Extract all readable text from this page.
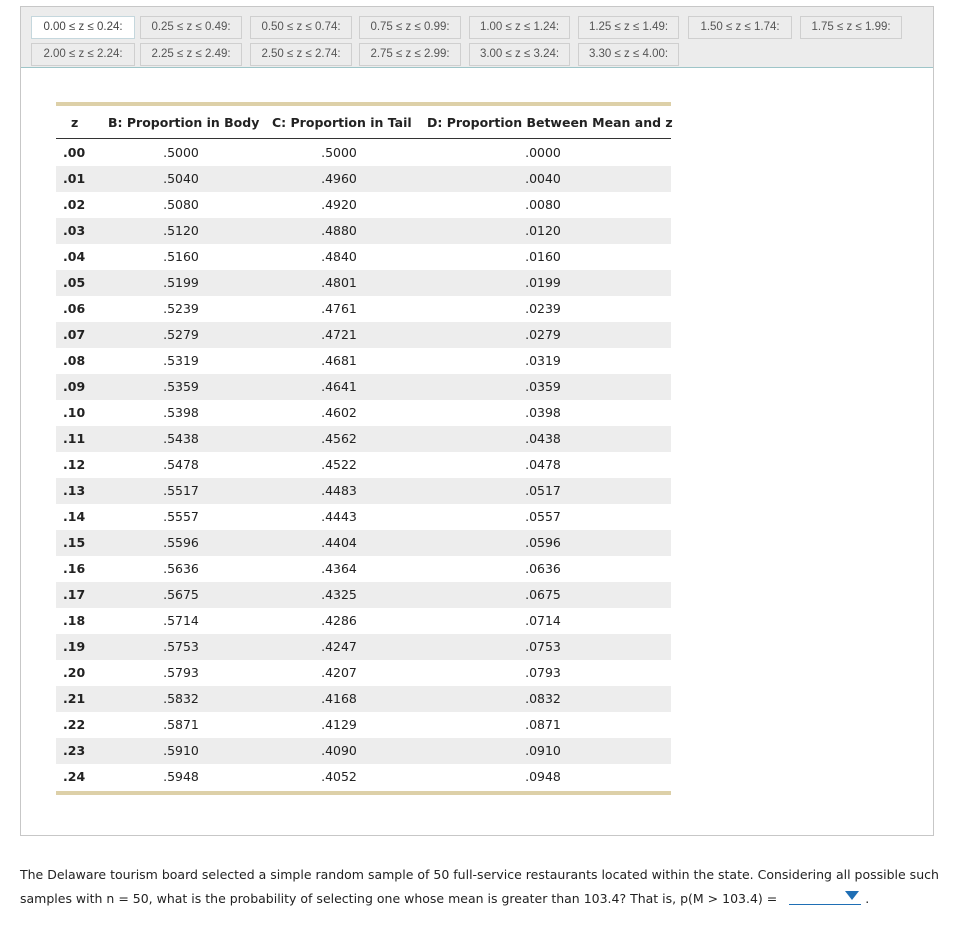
0.00 ≤ z ≤ 0.24:	0.25 ≤ z ≤ 0.49:	0.50 ≤ z ≤ 0.74:	0.75 ≤ z ≤ 0.99:	1.00 ≤ z ≤ 1.24:	1.25 ≤ z ≤ 1.49:	1.50 ≤ z ≤ 1.74:	1.75 ≤ z ≤ 1.99:
2.00 ≤ z ≤ 2.24:	2.25 ≤ z ≤ 2.49:	2.50 ≤ z ≤ 2.74:	2.75 ≤ z ≤ 2.99:	3.00 ≤ z ≤ 3.24:	3.30 ≤ z ≤ 4.00:
z B: Proportion in Body C: Proportion in Tail D: Proportion Between Mean and z
.00	.5000	.5000	.0000
.01	.5040	.4960	.0040
.02	.5080	.4920	.0080
.03	.5120	.4880	.0120
.04	.5160	.4840	.0160
.05	.5199	.4801	.0199
.06	.5239	.4761	.0239
.07	.5279	.4721	.0279
.08	.5319	.4681	.0319
.09	.5359	.4641	.0359
.10	.5398	.4602	.0398
.11	.5438	.4562	.0438
.12	.5478	.4522	.0478
.13	.5517	.4483	.0517
.14	.5557	.4443	.0557
.15	.5596	.4404	.0596
.16	.5636	.4364	.0636
.17	.5675	.4325	.0675
.18	.5714	.4286	.0714
.19	.5753	.4247	.0753
.20	.5793	.4207	.0793
.21	.5832	.4168	.0832
.22	.5871	.4129	.0871
.23	.5910	.4090	.0910
.24	.5948	.4052	.0948
The Delaware tourism board selected a simple random sample of 50 full-service restaurants located within the state. Considering all possible such
samples with n = 50, what is the probability of selecting one whose mean is greater than 103.4? That is, p(M > 103.4) =	.
